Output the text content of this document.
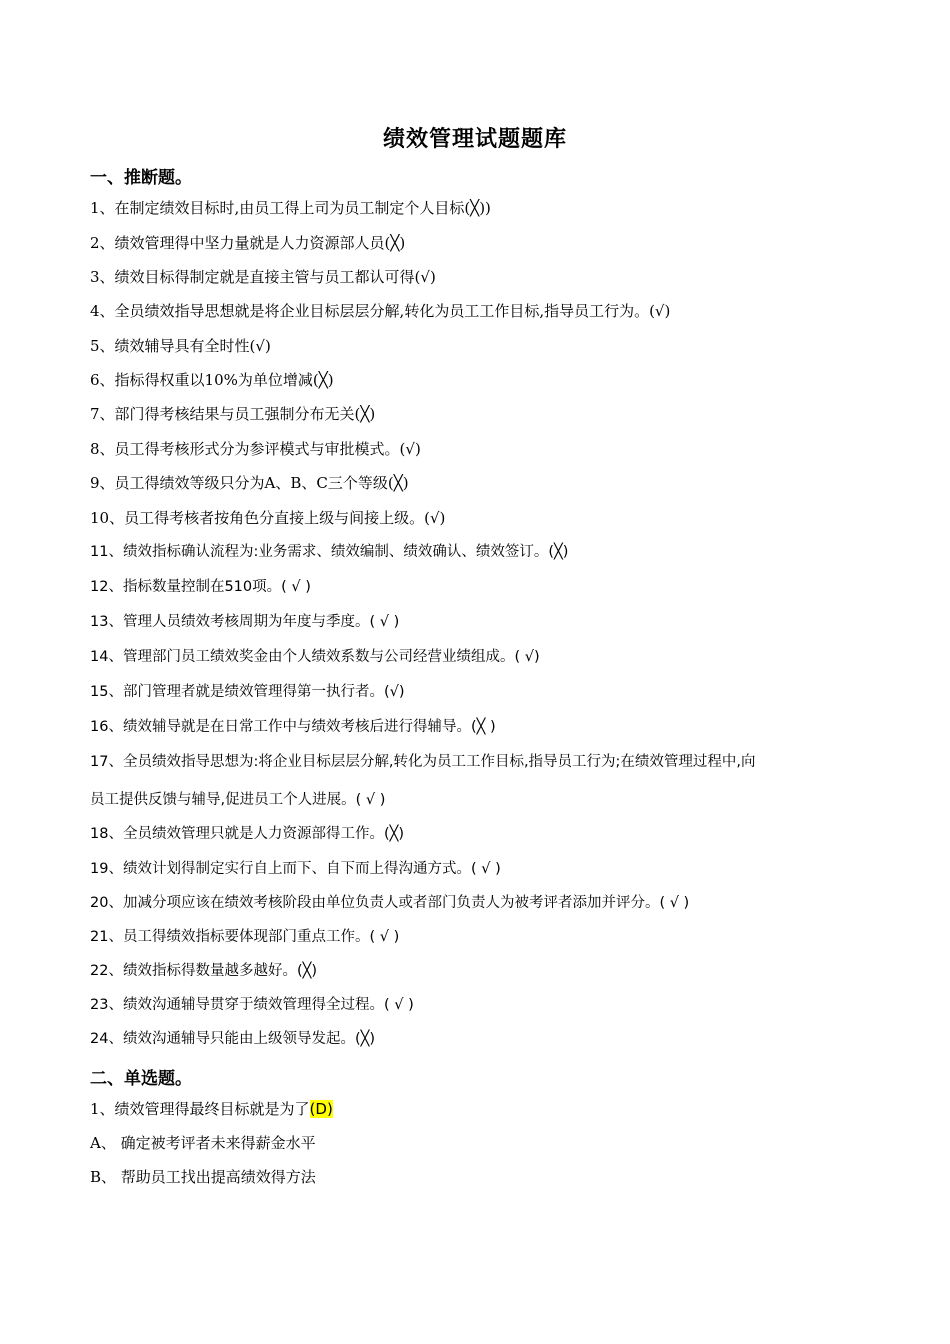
绩效管理试题题库
一、推断题。
1、在制定绩效目标时,由员工得上司为员工制定个人目标(╳))
2、绩效管理得中坚力量就是人力资源部人员(╳)
3、绩效目标得制定就是直接主管与员工都认可得(√)
4、全员绩效指导思想就是将企业目标层层分解,转化为员工工作目标,指导员工行为。(√)
5、绩效辅导具有全时性(√)
6、指标得权重以10%为单位增减(╳)
7、部门得考核结果与员工强制分布无关(╳)
8、员工得考核形式分为参评模式与审批模式。(√)
9、员工得绩效等级只分为A、B、C三个等级(╳)
10、员工得考核者按角色分直接上级与间接上级。(√)
11、绩效指标确认流程为:业务需求、绩效编制、绩效确认、绩效签订。(╳)
12、指标数量控制在510项。( √ )
13、管理人员绩效考核周期为年度与季度。( √ )
14、管理部门员工绩效奖金由个人绩效系数与公司经营业绩组成。( √)
15、部门管理者就是绩效管理得第一执行者。(√)
16、绩效辅导就是在日常工作中与绩效考核后进行得辅导。(╳ )
17、全员绩效指导思想为:将企业目标层层分解,转化为员工工作目标,指导员工行为;在绩效管理过程中,向
员工提供反馈与辅导,促进员工个人进展。( √ )
18、全员绩效管理只就是人力资源部得工作。(╳)
19、绩效计划得制定实行自上而下、自下而上得沟通方式。( √ )
20、加减分项应该在绩效考核阶段由单位负责人或者部门负责人为被考评者添加并评分。( √ )
21、员工得绩效指标要体现部门重点工作。( √ )
22、绩效指标得数量越多越好。(╳)
23、绩效沟通辅导贯穿于绩效管理得全过程。( √ )
24、绩效沟通辅导只能由上级领导发起。(╳)
二、单选题。
1、绩效管理得最终目标就是为了(D)
A、 确定被考评者未来得薪金水平
B、 帮助员工找出提高绩效得方法
